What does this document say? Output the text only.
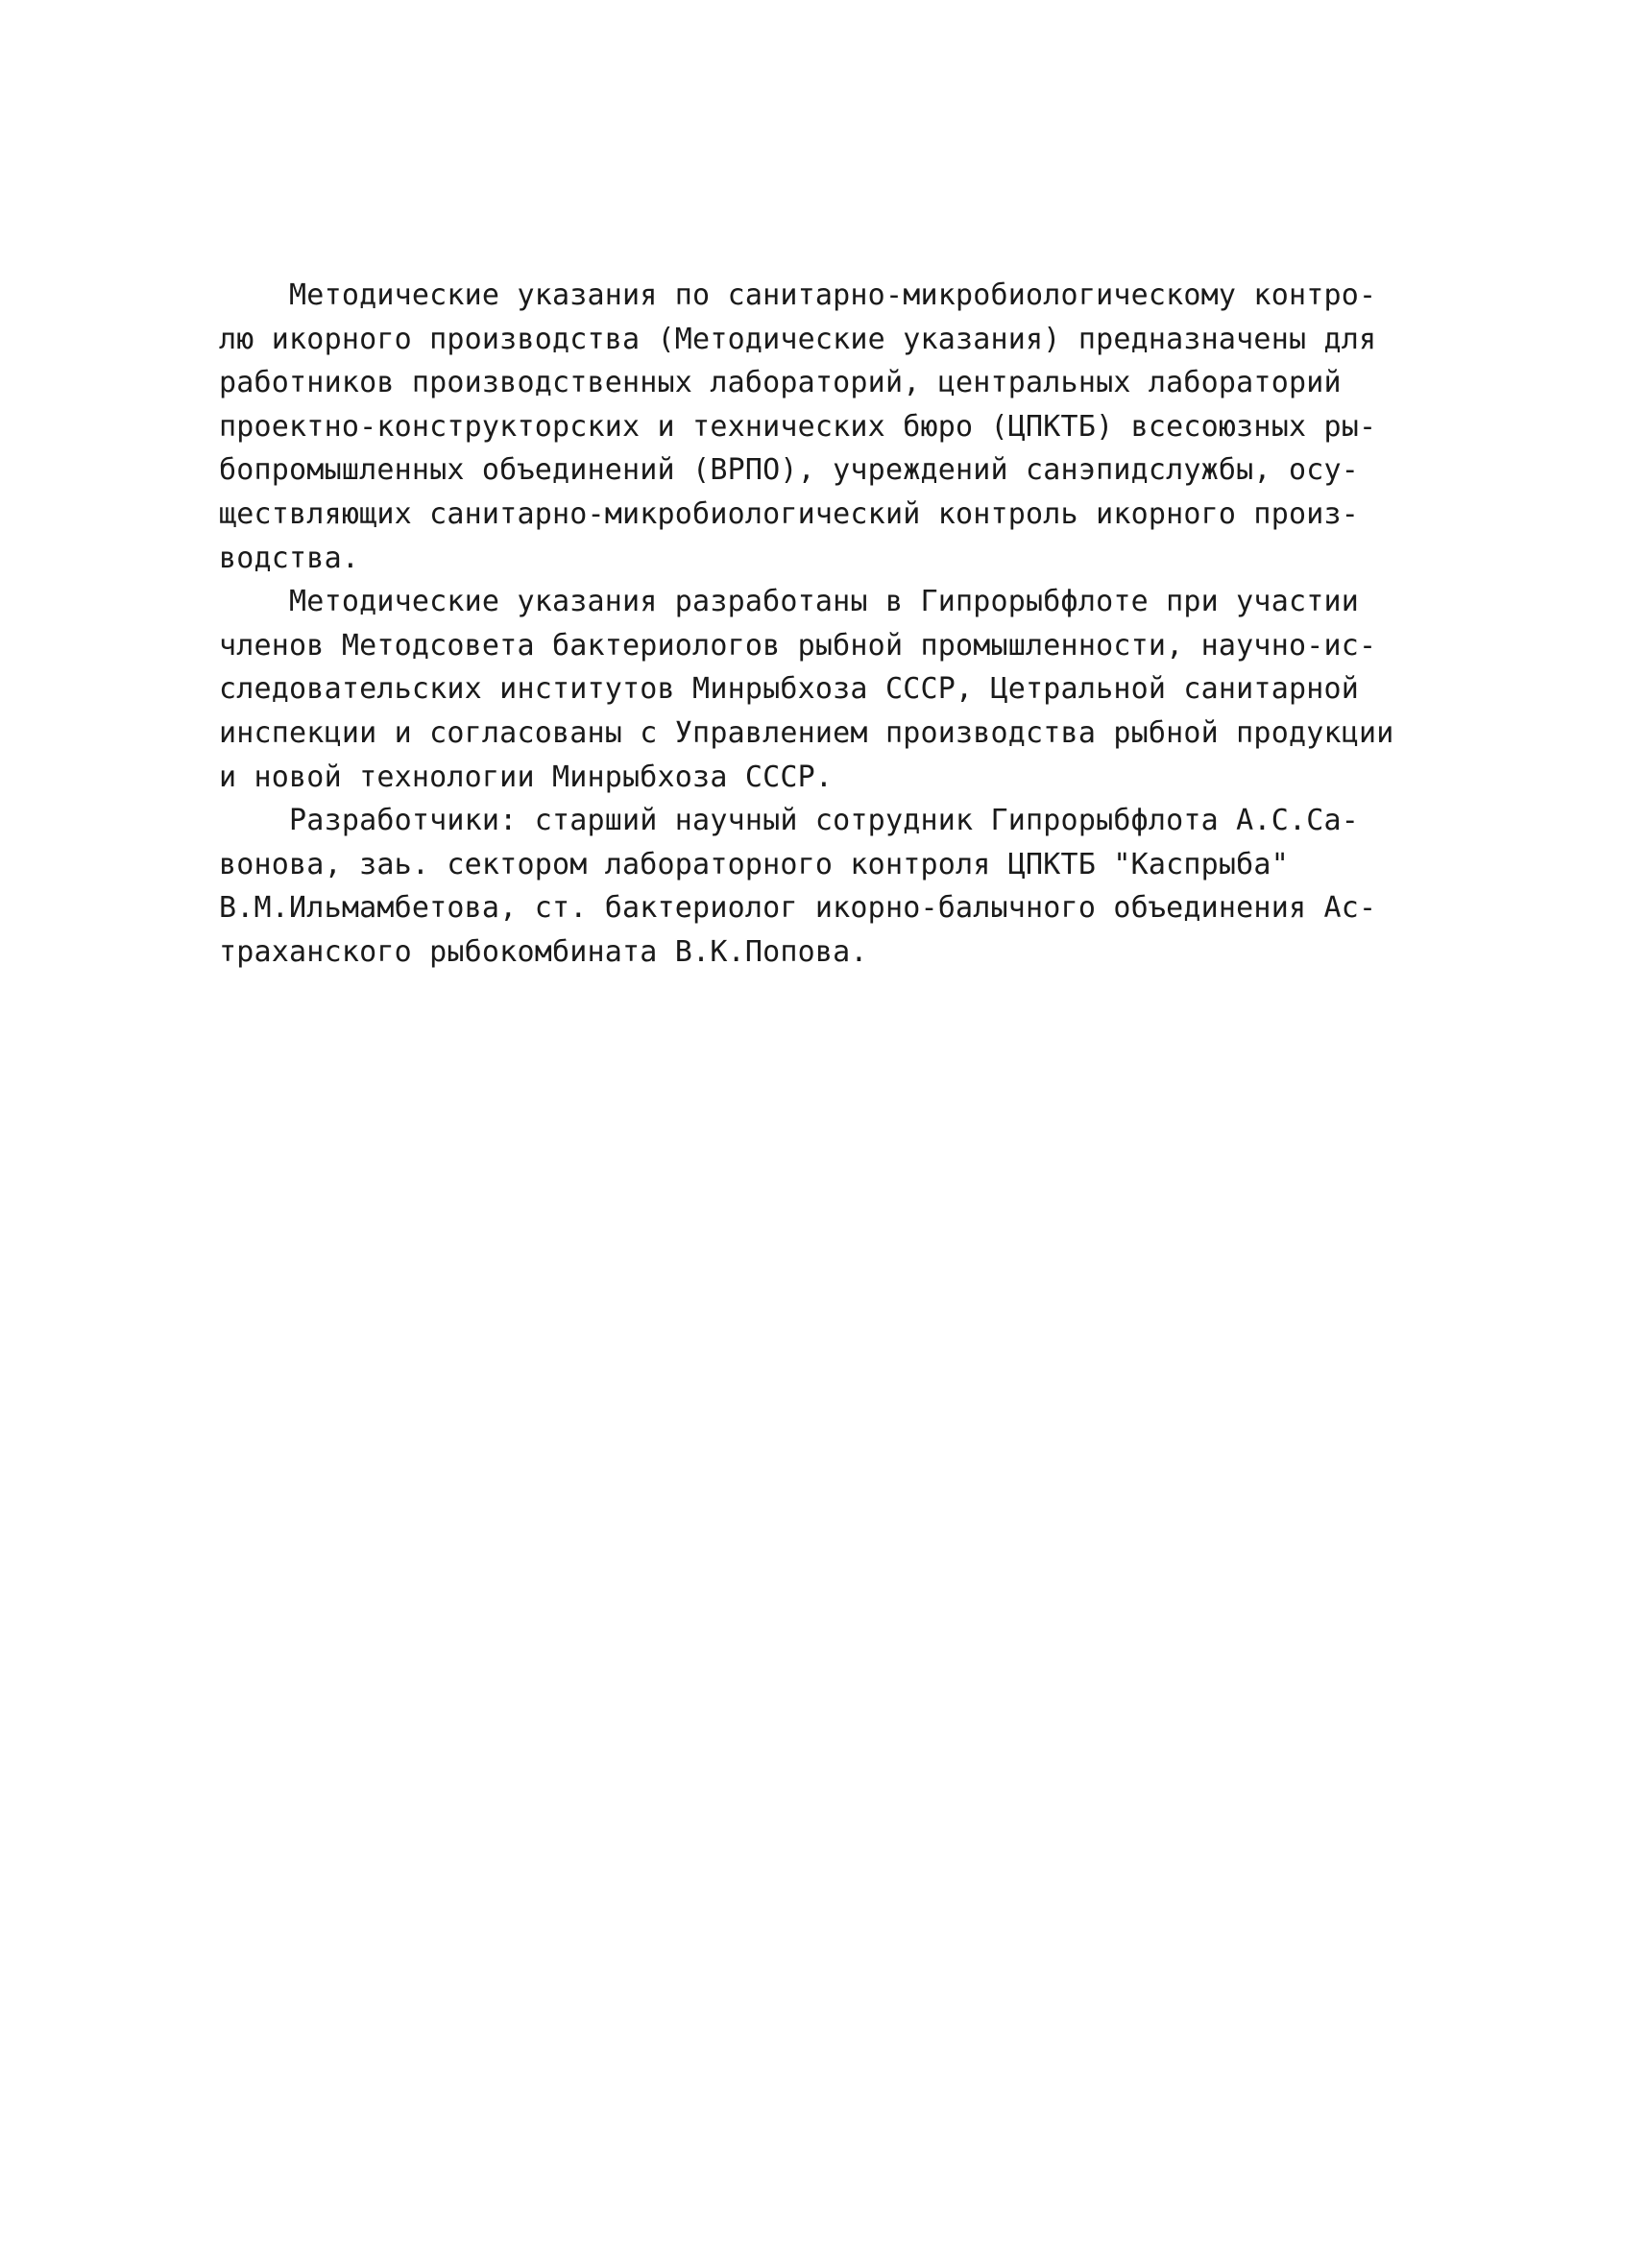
Методические указания по санитарно-микробиологическому контро-
лю икорного производства (Методические указания) предназначены для
работников производственных лабораторий, центральных лабораторий
проектно-конструкторских и технических бюро (ЦПКТБ) всесоюзных ры-
бопромышленных объединений (ВРПО), учреждений санэпидслужбы, осу-
ществляющих санитарно-микробиологический контроль икорного произ-
водства.
Методические указания разработаны в Гипрорыбфлоте при участии
членов Методсовета бактериологов рыбной промышленности, научно-ис-
следовательских институтов Минрыбхоза СССР, Цетральной санитарной
инспекции и согласованы с Управлением производства рыбной продукции
и новой технологии Минрыбхоза СССР.
Разработчики: старший научный сотрудник Гипрорыбфлота А.С.Са-
вонова, заь. сектором лабораторного контроля ЦПКТБ "Каспрыба"
В.М.Ильмамбетова, ст. бактериолог икорно-балычного объединения Ас-
траханского рыбокомбината В.К.Попова.
